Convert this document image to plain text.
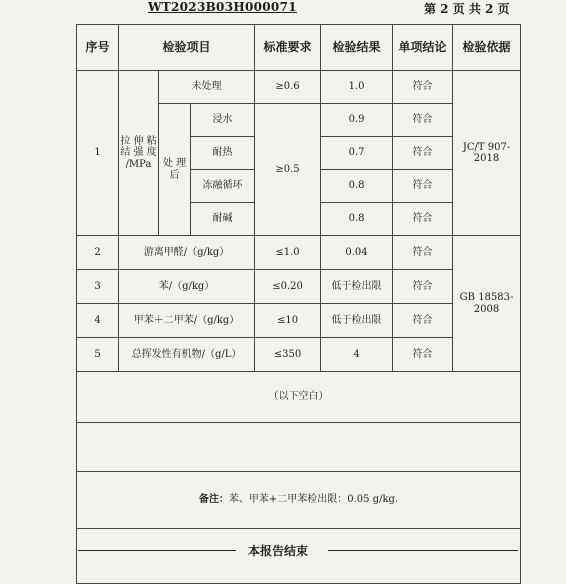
WT2023B03H000071	第 2 页 共 2 页
序号	检验项目			标准要求	检验结果	单项结论	检验依据
1	拉 伸 粘 结 强 度 /MPa	未处理		≥0.6	1.0	符合	JC/T 907-2018
		处 理 后	浸水	≥0.5	0.9	符合	
			耐热		0.7	符合	
			冻融循环		0.8	符合	
			耐碱		0.8	符合	
2	游离甲醛/（g/kg）			≤1.0	0.04	符合	GB 18583-2008
3	苯/（g/kg）			≤0.20	低于检出限	符合	
4	甲苯＋二甲苯/（g/kg）			≤10	低于检出限	符合	
5	总挥发性有机物/（g/L）			≤350	4	符合	
（以下空白）							

备注：苯、甲苯+二甲苯检出限：0.05 g/kg.							

本报告结束
